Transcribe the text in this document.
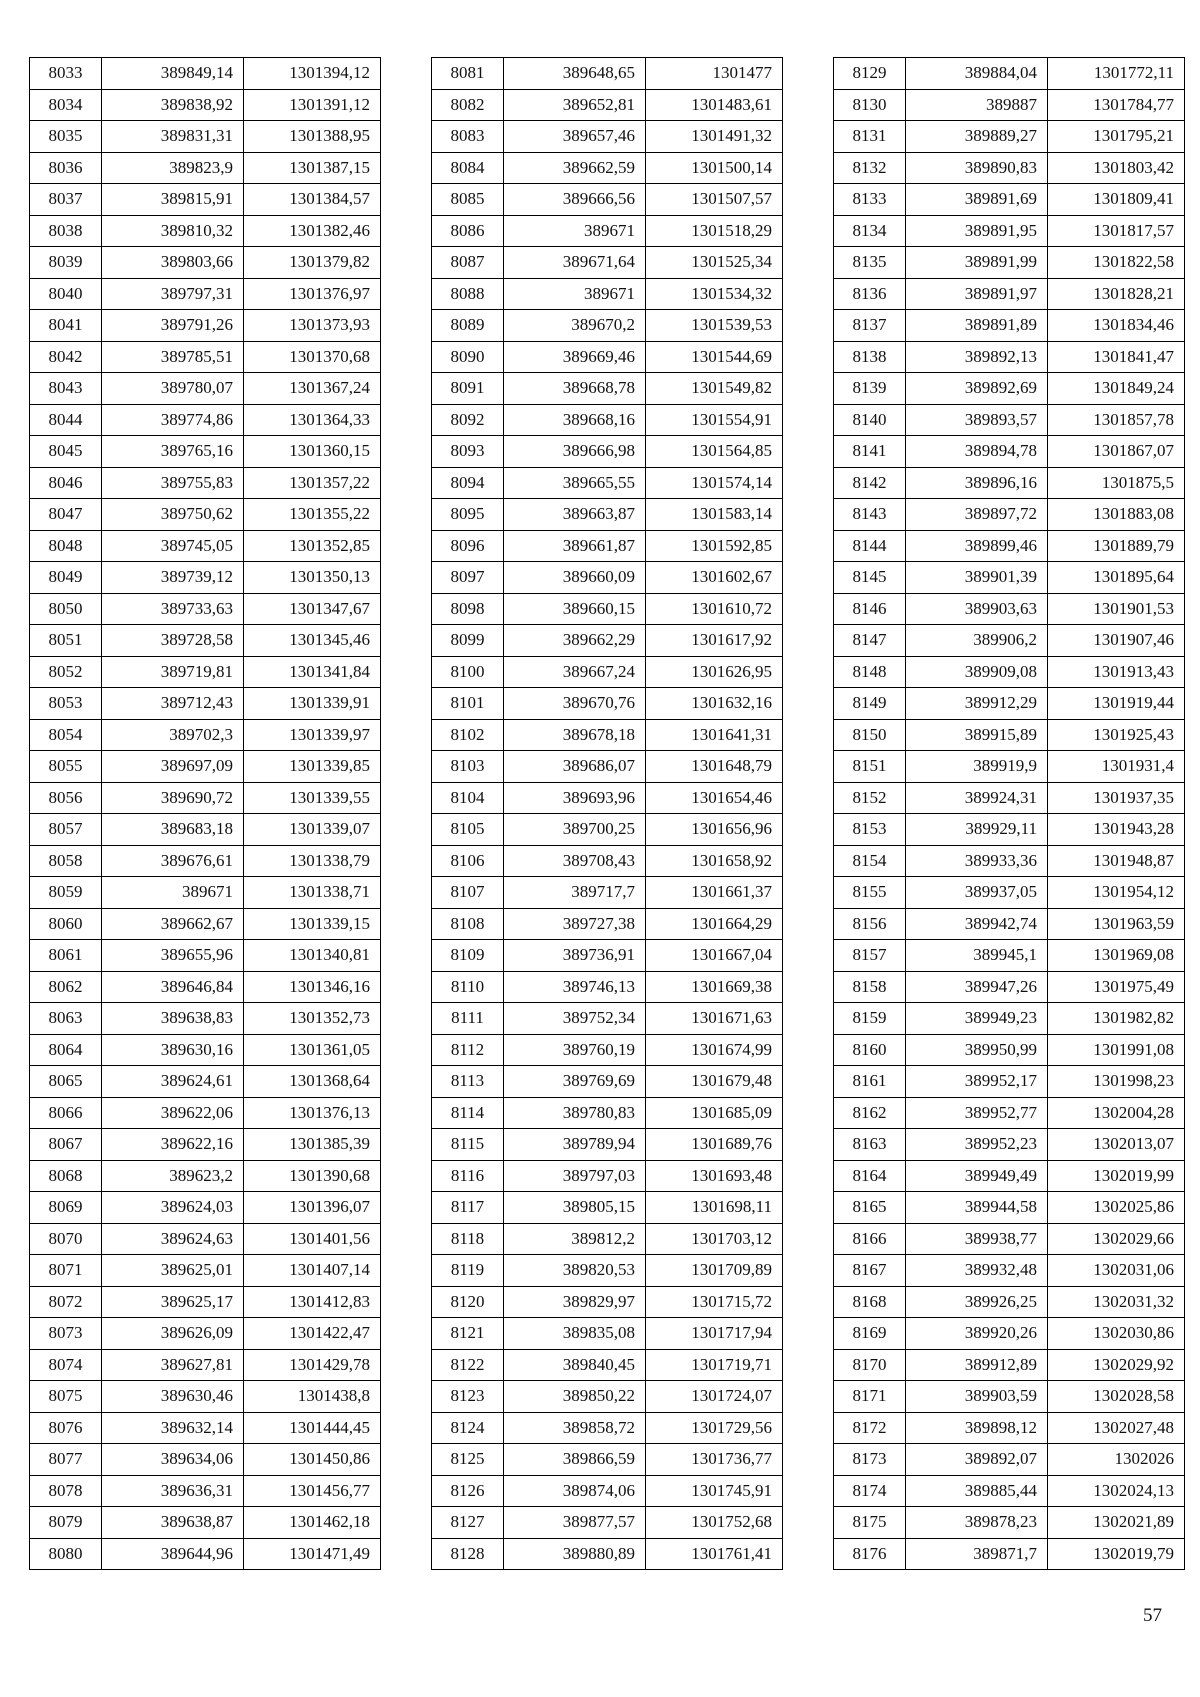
8033	389849,14	1301394,12
8034	389838,92	1301391,12
8035	389831,31	1301388,95
8036	389823,9	1301387,15
8037	389815,91	1301384,57
8038	389810,32	1301382,46
8039	389803,66	1301379,82
8040	389797,31	1301376,97
8041	389791,26	1301373,93
8042	389785,51	1301370,68
8043	389780,07	1301367,24
8044	389774,86	1301364,33
8045	389765,16	1301360,15
8046	389755,83	1301357,22
8047	389750,62	1301355,22
8048	389745,05	1301352,85
8049	389739,12	1301350,13
8050	389733,63	1301347,67
8051	389728,58	1301345,46
8052	389719,81	1301341,84
8053	389712,43	1301339,91
8054	389702,3	1301339,97
8055	389697,09	1301339,85
8056	389690,72	1301339,55
8057	389683,18	1301339,07
8058	389676,61	1301338,79
8059	389671	1301338,71
8060	389662,67	1301339,15
8061	389655,96	1301340,81
8062	389646,84	1301346,16
8063	389638,83	1301352,73
8064	389630,16	1301361,05
8065	389624,61	1301368,64
8066	389622,06	1301376,13
8067	389622,16	1301385,39
8068	389623,2	1301390,68
8069	389624,03	1301396,07
8070	389624,63	1301401,56
8071	389625,01	1301407,14
8072	389625,17	1301412,83
8073	389626,09	1301422,47
8074	389627,81	1301429,78
8075	389630,46	1301438,8
8076	389632,14	1301444,45
8077	389634,06	1301450,86
8078	389636,31	1301456,77
8079	389638,87	1301462,18
8080	389644,96	1301471,49
8081	389648,65	1301477
8082	389652,81	1301483,61
8083	389657,46	1301491,32
8084	389662,59	1301500,14
8085	389666,56	1301507,57
8086	389671	1301518,29
8087	389671,64	1301525,34
8088	389671	1301534,32
8089	389670,2	1301539,53
8090	389669,46	1301544,69
8091	389668,78	1301549,82
8092	389668,16	1301554,91
8093	389666,98	1301564,85
8094	389665,55	1301574,14
8095	389663,87	1301583,14
8096	389661,87	1301592,85
8097	389660,09	1301602,67
8098	389660,15	1301610,72
8099	389662,29	1301617,92
8100	389667,24	1301626,95
8101	389670,76	1301632,16
8102	389678,18	1301641,31
8103	389686,07	1301648,79
8104	389693,96	1301654,46
8105	389700,25	1301656,96
8106	389708,43	1301658,92
8107	389717,7	1301661,37
8108	389727,38	1301664,29
8109	389736,91	1301667,04
8110	389746,13	1301669,38
8111	389752,34	1301671,63
8112	389760,19	1301674,99
8113	389769,69	1301679,48
8114	389780,83	1301685,09
8115	389789,94	1301689,76
8116	389797,03	1301693,48
8117	389805,15	1301698,11
8118	389812,2	1301703,12
8119	389820,53	1301709,89
8120	389829,97	1301715,72
8121	389835,08	1301717,94
8122	389840,45	1301719,71
8123	389850,22	1301724,07
8124	389858,72	1301729,56
8125	389866,59	1301736,77
8126	389874,06	1301745,91
8127	389877,57	1301752,68
8128	389880,89	1301761,41
8129	389884,04	1301772,11
8130	389887	1301784,77
8131	389889,27	1301795,21
8132	389890,83	1301803,42
8133	389891,69	1301809,41
8134	389891,95	1301817,57
8135	389891,99	1301822,58
8136	389891,97	1301828,21
8137	389891,89	1301834,46
8138	389892,13	1301841,47
8139	389892,69	1301849,24
8140	389893,57	1301857,78
8141	389894,78	1301867,07
8142	389896,16	1301875,5
8143	389897,72	1301883,08
8144	389899,46	1301889,79
8145	389901,39	1301895,64
8146	389903,63	1301901,53
8147	389906,2	1301907,46
8148	389909,08	1301913,43
8149	389912,29	1301919,44
8150	389915,89	1301925,43
8151	389919,9	1301931,4
8152	389924,31	1301937,35
8153	389929,11	1301943,28
8154	389933,36	1301948,87
8155	389937,05	1301954,12
8156	389942,74	1301963,59
8157	389945,1	1301969,08
8158	389947,26	1301975,49
8159	389949,23	1301982,82
8160	389950,99	1301991,08
8161	389952,17	1301998,23
8162	389952,77	1302004,28
8163	389952,23	1302013,07
8164	389949,49	1302019,99
8165	389944,58	1302025,86
8166	389938,77	1302029,66
8167	389932,48	1302031,06
8168	389926,25	1302031,32
8169	389920,26	1302030,86
8170	389912,89	1302029,92
8171	389903,59	1302028,58
8172	389898,12	1302027,48
8173	389892,07	1302026
8174	389885,44	1302024,13
8175	389878,23	1302021,89
8176	389871,7	1302019,79
57
